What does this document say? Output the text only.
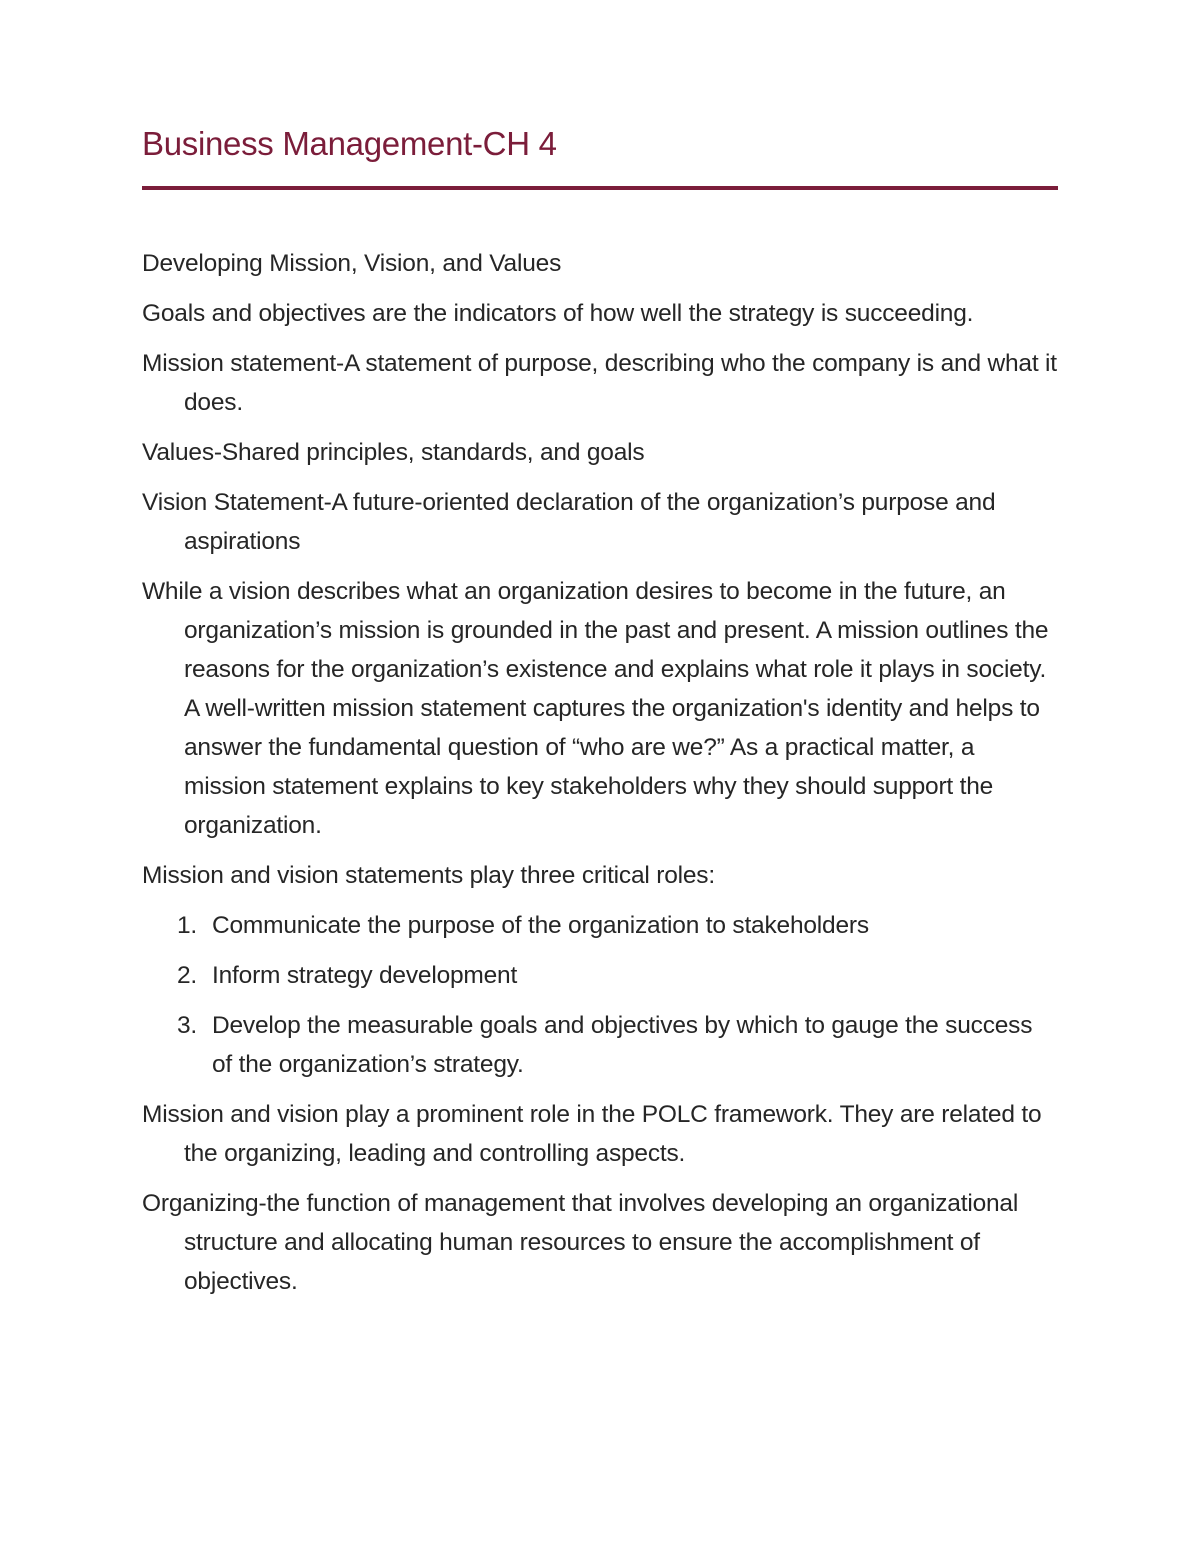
Business Management-CH 4

Developing Mission, Vision, and Values

Goals and objectives are the indicators of how well the strategy is succeeding.

Mission statement-A statement of purpose, describing who the company is and what it does.

Values-Shared principles, standards, and goals

Vision Statement-A future-oriented declaration of the organization’s purpose and aspirations

While a vision describes what an organization desires to become in the future, an organization’s mission is grounded in the past and present. A mission outlines the reasons for the organization’s existence and explains what role it plays in society. A well-written mission statement captures the organization's identity and helps to answer the fundamental question of “who are we?” As a practical matter, a mission statement explains to key stakeholders why they should support the organization.

Mission and vision statements play three critical roles:

1. Communicate the purpose of the organization to stakeholders
2. Inform strategy development
3. Develop the measurable goals and objectives by which to gauge the success of the organization’s strategy.

Mission and vision play a prominent role in the POLC framework. They are related to the organizing, leading and controlling aspects.

Organizing-the function of management that involves developing an organizational structure and allocating human resources to ensure the accomplishment of objectives.
